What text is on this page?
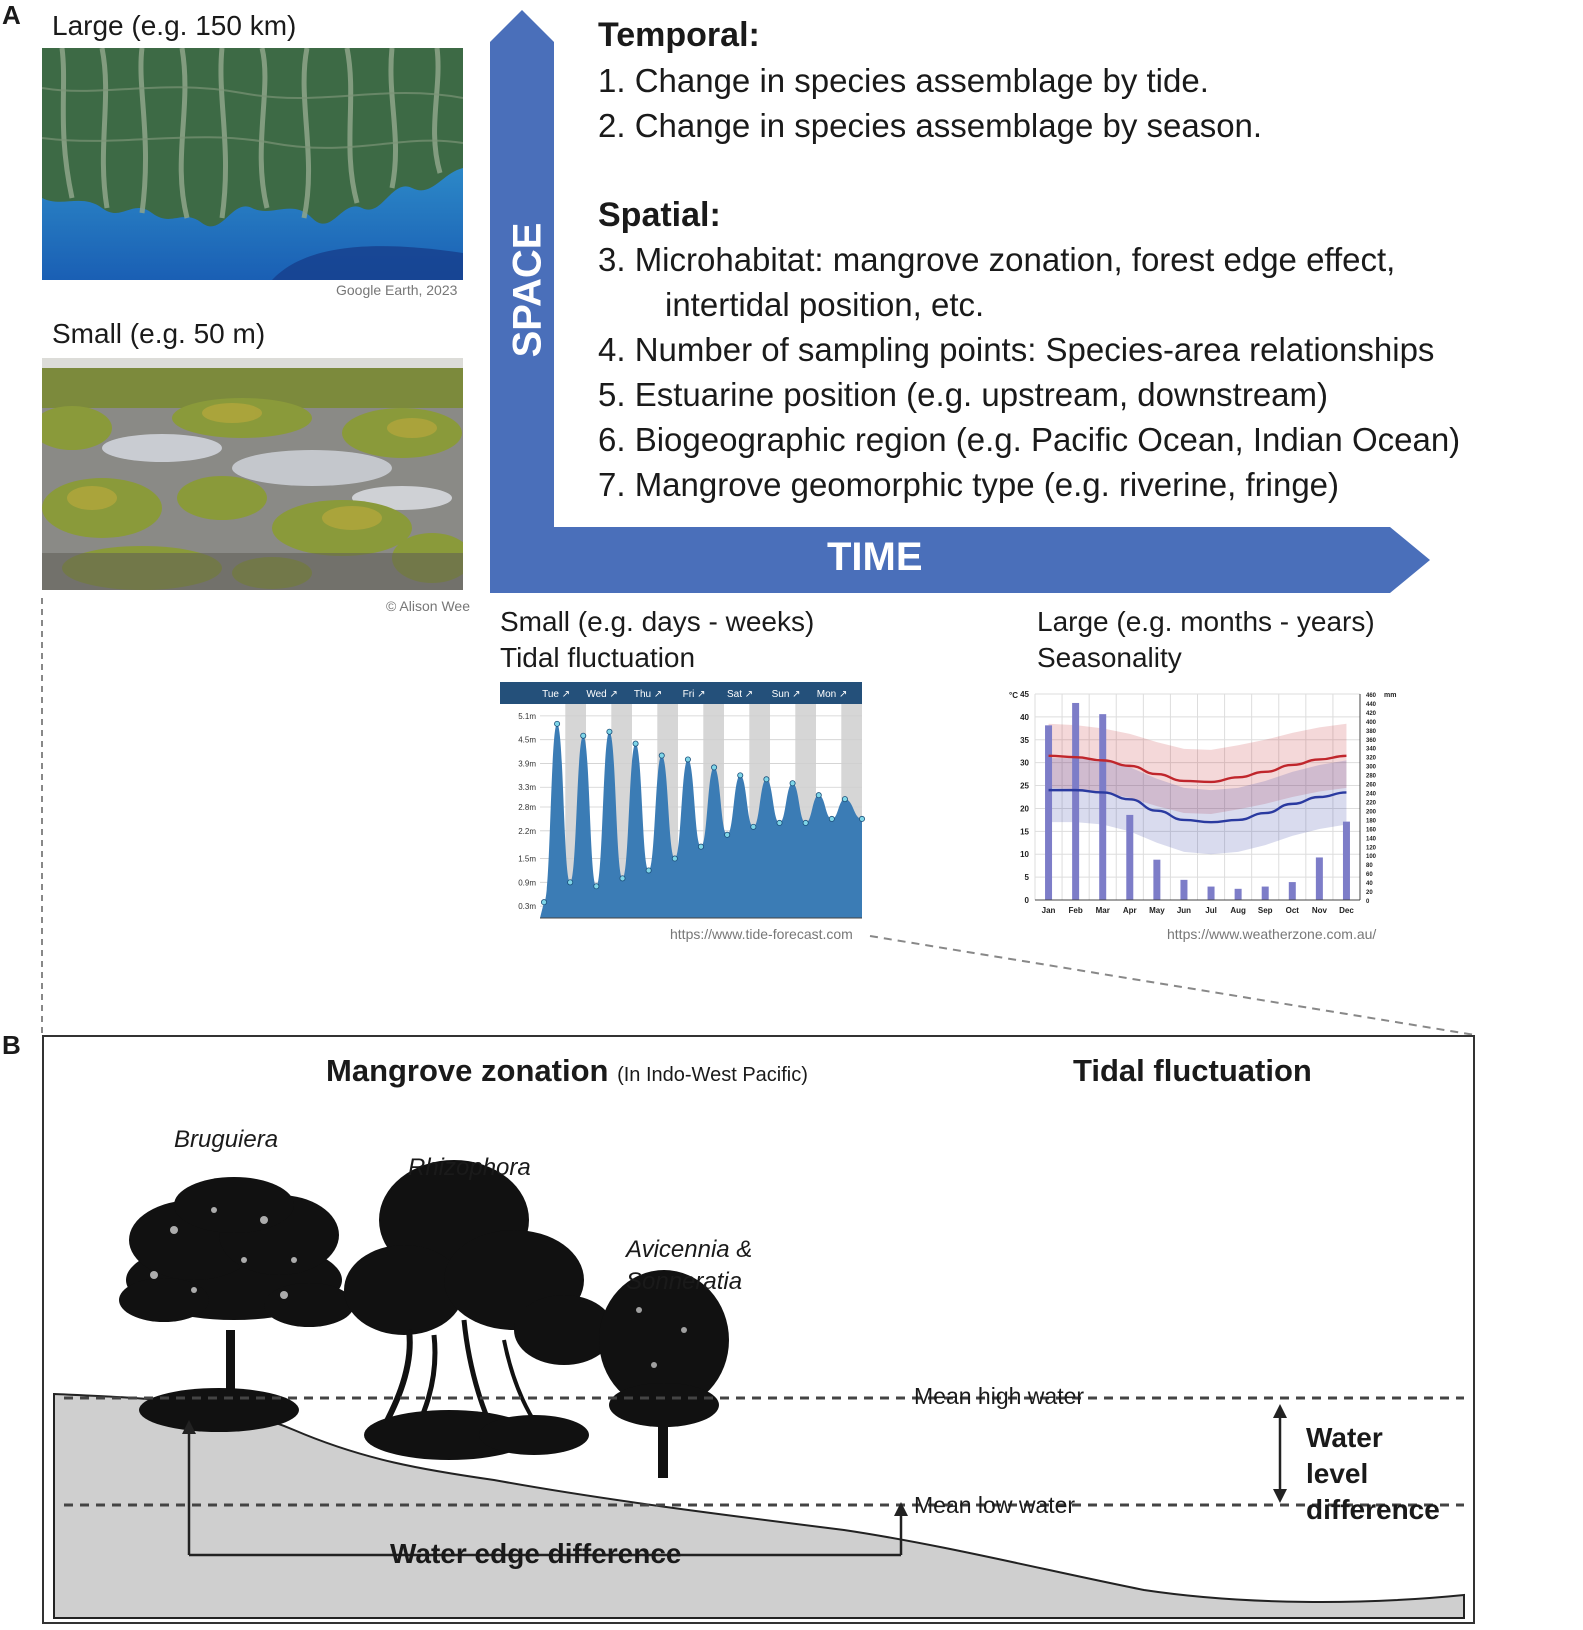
A Large (e.g. 150 km)
Google Earth, 2023
Small (e.g. 50 m)
© Alison Wee
SPACE
TIME
Temporal:
1. Change in species assemblage by tide.
2. Change in species assemblage by season.
Spatial:
3. Microhabitat: mangrove zonation, forest edge effect,
intertidal position, etc.
4. Number of sampling points: Species-area relationships
5. Estuarine position (e.g. upstream, downstream)
6. Biogeographic region (e.g. Pacific Ocean, Indian Ocean)
7. Mangrove geomorphic type (e.g. riverine, fringe)
Small (e.g. days - weeks)
Tidal fluctuation
Large (e.g. months - years)
Seasonality
Tue ↗ Wed ↗ Thu ↗ Fri ↗ Sat ↗ Sun ↗ Mon ↗
0.3m
0.9m
1.5m
2.2m
2.8m
3.3m
3.9m
4.5m
5.1m
https://www.tide-forecast.com
0
5
10
15
20
25
30
35
40
45
°C
0
20
40
60
80
100
120
140
160
180
200
220
240
260
280
300
320
340
360
380
400
420
440
460 mm
Jan Feb Mar Apr May Jun Jul Aug Sep Oct Nov Dec
https://www.weatherzone.com.au/
B
Mangrove zonation (In Indo-West Pacific)	Tidal fluctuation
Bruguiera
Rhizophora
Avicennia &
Sonneratia
Mean high water
Mean low water
Water edge difference
Water
level
difference
